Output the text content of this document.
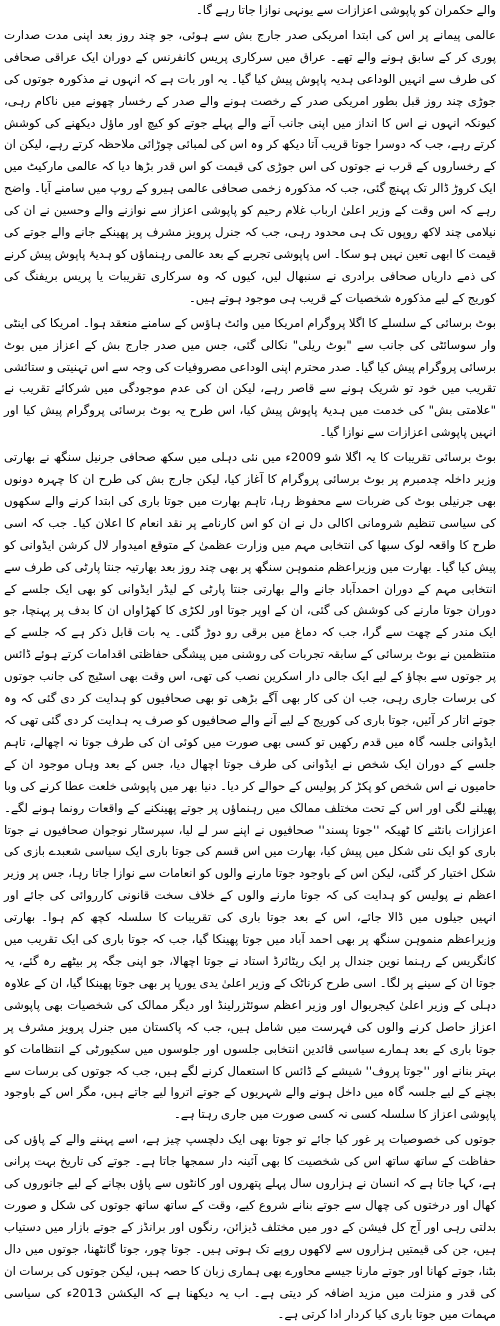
والے حکمران کو پاپوشی اعزازات سے یونہی نوازا جاتا رہے گا۔

عالمی پیمانے پر اس کی ابتدا امریکی صدر جارج بش سے ہوئی، جو چند روز بعد اپنی مدت صدارت پوری کر کے سابق ہونے والے تھے۔ عراق میں سرکاری پریس کانفرنس کے دوران ایک عراقی صحافی کی طرف سے انہیں الوداعی ہدیہ پاپوش پیش کیا گیا۔ یہ اور بات ہے کہ انہوں نے مذکورہ جوتوں کی جوڑی چند روز قبل بطور امریکی صدر کے رخصت ہونے والے صدر کے رخسار چھونے میں ناکام رہی، کیونکہ انہوں نے اس کا انداز میں اپنی جانب آنے والے پہلے جوتے کو کیچ اور ماؤل دیکھنے کی کوشش کرتے رہے، جب کہ دوسرا جوتا قریب آتا دیکھ کر وہ اس کی لمبائی چوڑائی ملاحظہ کرتے رہے، لیکن ان کے رخساروں کے قرب نے جوتوں کی اس جوڑی کی قیمت کو اس قدر بڑھا دیا کہ عالمی مارکیٹ میں ایک کروڑ ڈالر تک پہنچ گئی، جب کہ مذکورہ زخمی صحافی عالمی ہیرو کے روپ میں سامنے آیا۔ واضح رہے کہ اس وقت کے وزیر اعلیٰ ارباب غلام رحیم کو پاپوشی اعزاز سے نوازنے والے وحسین نے ان کی نیلامی چند لاکھ روپوں تک ہی محدود رہی، جب کہ جنرل پرویز مشرف پر پھینکے جانے والے جوتے کی قیمت کا ابھی تعین نہیں ہو سکا۔ اس پاپوشی تجربے کے بعد عالمی رہنماؤں کو ہدیۂ پاپوش پیش کرنے کی ذمے داریاں صحافی برادری نے سنبھال لیں، کیوں کہ وہ سرکاری تقریبات یا پریس بریفنگ کی کوریج کے لیے مذکورہ شخصیات کے قریب ہی موجود ہوتے ہیں۔

بوٹ برسائی کے سلسلے کا اگلا پروگرام امریکا میں وائٹ ہاؤس کے سامنے منعقد ہوا۔ امریکا کی اینٹی وار سوسائٹی کی جانب سے "بوٹ ریلی" نکالی گئی، جس میں صدر جارج بش کے اعزاز میں بوٹ برسائی پروگرام پیش کیا گیا۔ صدر محترم اپنی الوداعی مصروفیات کی وجہ سے اس تہنیتی و ستائشی تقریب میں خود تو شریک ہونے سے قاصر رہے، لیکن ان کی عدم موجودگی میں شرکائے تقریب نے "علامتی بش" کی خدمت میں ہدیۂ پاپوش پیش کیا، اس طرح یہ بوٹ برسائی پروگرام پیش کیا اور انہیں پاپوشی اعزازات سے نوازا گیا۔

بوٹ برسائی تقریبات کا یہ اگلا شو 2009ء میں نئی دہلی میں سکھ صحافی جرنیل سنگھ نے بھارتی وزیر داخلہ چدمبرم پر بوٹ برسائی پروگرام کا آغاز کیا، لیکن جارج بش کی طرح ان کا چہرہ دونوں بھی جرنیلی بوٹ کی ضربات سے محفوظ رہا، تاہم بھارت میں جوتا باری کی ابتدا کرنے والے سکھوں کی سیاسی تنظیم شرومانی اکالی دل نے ان کو اس کارنامے پر نقد انعام کا اعلان کیا۔ جب کہ اسی طرح کا واقعہ لوک سبھا کی انتخابی مہم میں وزارت عظمیٰ کے متوقع امیدوار لال کرشن ایڈوانی کو پیش کیا گیا۔ بھارت میں وزیراعظم منموہن سنگھ پر بھی چند روز بعد بھارتیہ جنتا پارٹی کی طرف سے انتخابی مہم کے دوران احمدآباد جانے والے بھارتی جنتا پارٹی کے لیڈر ایڈوانی کو بھی ایک جلسے کے دوران جوتا مارنے کی کوشش کی گئی، ان کے اوپر جوتا اور لکڑی کا کھڑاواں ان کا بدف پر پہنچا، جو ایک مندر کے چھت سے گرا، جب کہ دماغ میں برقی رو دوڑ گئی۔ یہ بات قابل ذکر ہے کہ جلسے کے منتظمین نے بوٹ برسائی کے سابقہ تجربات کی روشنی میں پیشگی حفاظتی اقدامات کرتے ہوئے ڈائس پر جوتوں سے بچاؤ کے لیے ایک جالی دار اسکرین نصب کی تھی، اس وقت بھی اسٹیج کی جانب جوتوں کی برسات جاری رہی، جب ان کی کار بھی آگے بڑھی تو بھی صحافیوں کو ہدایت کر دی گئی کہ وہ جوتے اتار کر آئیں، جوتا باری کی کوریج کے لیے آنے والے صحافیوں کو صرف یہ ہدایت کر دی گئی تھی کہ ایڈوانی جلسہ گاہ میں قدم رکھیں تو کسی بھی صورت میں کوئی ان کی طرف جوتا نہ اچھالے، تاہم جلسے کے دوران ایک شخص نے ایڈوانی کی طرف جوتا اچھال دیا، جس کے بعد وہاں موجود ان کے حامیوں نے اس شخص کو پکڑ کر پولیس کے حوالے کر دیا۔ دنیا بھر میں پاپوشی خلعت عطا کرنے کی وبا پھیلنے لگی اور اس کے تحت مختلف ممالک میں رہنماؤں پر جوتے پھینکنے کے واقعات رونما ہونے لگے۔ اعزازات بانٹنے کا ٹھیکہ ''جوتا پسند'' صحافیوں نے اپنے سر لے لیا، سپرسٹار نوجوان صحافیوں نے جوتا باری کو ایک نئی شکل میں پیش کیا، بھارت میں اس قسم کی جوتا باری ایک سیاسی شعبدے بازی کی شکل اختیار کر گئی، لیکن اس کے باوجود جوتا مارنے والوں کو انعامات سے نوازا جاتا رہا، جس پر وزیر اعظم نے پولیس کو ہدایت کی کہ جوتا مارنے والوں کے خلاف سخت قانونی کارروائی کی جائے اور انہیں جیلوں میں ڈالا جائے، اس کے بعد جوتا باری کی تقریبات کا سلسلہ کچھ کم ہوا۔ بھارتی وزیراعظم منموہن سنگھ پر بھی احمد آباد میں جوتا پھینکا گیا، جب کہ جوتا باری کی ایک تقریب میں کانگریس کے رہنما نوین جندال پر ایک ریٹائرڈ استاد نے جوتا اچھالا، جو اپنی جگہ پر بیٹھے رہ گئے، یہ جوتا ان کے سینے پر لگا۔ اسی طرح کرناٹک کے وزیر اعلیٰ یدی یورپا پر بھی جوتا پھینکا گیا، ان کے علاوہ دہلی کے وزیر اعلیٰ کیجریوال اور وزیر اعظم سوئٹزرلینڈ اور دیگر ممالک کی شخصیات بھی پاپوشی اعزاز حاصل کرنے والوں کی فہرست میں شامل ہیں، جب کہ پاکستان میں جنرل پرویز مشرف پر جوتا باری کے بعد ہمارے سیاسی قائدین انتخابی جلسوں اور جلوسوں میں سکیورٹی کے انتظامات کو بہتر بنانے اور ''جوتا پروف'' شیشے کے ڈائس کا استعمال کرنے لگے ہیں، جب کہ جوتوں کی برسات سے بچنے کے لیے جلسہ گاہ میں داخل ہونے والے شہریوں کے جوتے اتروا لیے جاتے ہیں، مگر اس کے باوجود پاپوشی اعزاز کا سلسلہ کسی نہ کسی صورت میں جاری رہتا ہے۔

جوتوں کی خصوصیات پر غور کیا جائے تو جوتا بھی ایک دلچسپ چیز ہے، اسے پہننے والے کے پاؤں کی حفاظت کے ساتھ ساتھ اس کی شخصیت کا بھی آئینہ دار سمجھا جاتا ہے۔ جوتے کی تاریخ بہت پرانی ہے، کہا جاتا ہے کہ انسان نے ہزاروں سال پہلے پتھروں اور کانٹوں سے پاؤں بچانے کے لیے جانوروں کی کھال اور درختوں کی چھال سے جوتے بنانے شروع کیے، وقت کے ساتھ ساتھ جوتوں کی شکل و صورت بدلتی رہی اور آج کل فیشن کے دور میں مختلف ڈیزائن، رنگوں اور برانڈز کے جوتے بازار میں دستیاب ہیں، جن کی قیمتیں ہزاروں سے لاکھوں روپے تک ہوتی ہیں۔ جوتا چور، جوتا گانٹھنا، جوتوں میں دال بٹنا، جوتے کھانا اور جوتے مارنا جیسے محاورے بھی ہماری زبان کا حصہ ہیں، لیکن جوتوں کی برسات ان کی قدر و منزلت میں مزید اضافہ کر دیتی ہے۔ اب یہ دیکھنا ہے کہ الیکشن 2013ء کی سیاسی مہمات میں جوتا باری کیا کردار ادا کرتی ہے۔
